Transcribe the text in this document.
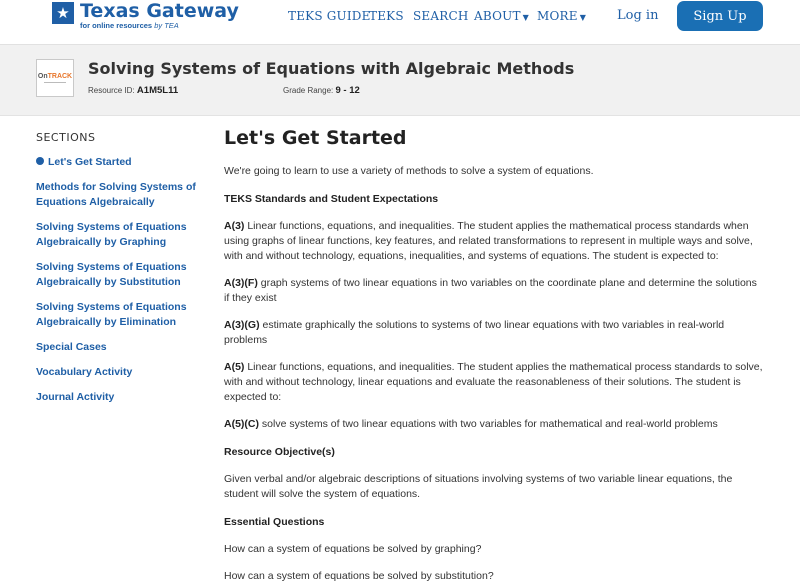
★ Texas Gateway
for online resources by TEA
TEKS GUIDE
TEKS SEARCH ABOUT ▼ MORE ▼ Log in	Sign Up
OnTRACK Solving Systems of Equations with Algebraic Methods
Resource ID: A1M5L11	Grade Range: 9 - 12
SECTIONS
Let's Get Started
Methods for Solving Systems of Equations Algebraically
Solving Systems of Equations Algebraically by Graphing
Solving Systems of Equations Algebraically by Substitution
Solving Systems of Equations Algebraically by Elimination
Special Cases
Vocabulary Activity
Journal Activity
Let's Get Started
We're going to learn to use a variety of methods to solve a system of equations.
TEKS Standards and Student Expectations
A(3) Linear functions, equations, and inequalities. The student applies the mathematical process standards when using graphs of linear functions, key features, and related transformations to represent in multiple ways and solve, with and without technology, equations, inequalities, and systems of equations. The student is expected to:
A(3)(F) graph systems of two linear equations in two variables on the coordinate plane and determine the solutions if they exist
A(3)(G) estimate graphically the solutions to systems of two linear equations with two variables in real-world problems
A(5) Linear functions, equations, and inequalities. The student applies the mathematical process standards to solve, with and without technology, linear equations and evaluate the reasonableness of their solutions. The student is expected to:
A(5)(C) solve systems of two linear equations with two variables for mathematical and real-world problems
Resource Objective(s)
Given verbal and/or algebraic descriptions of situations involving systems of two variable linear equations, the student will solve the system of equations.
Essential Questions
How can a system of equations be solved by graphing?
How can a system of equations be solved by substitution?
